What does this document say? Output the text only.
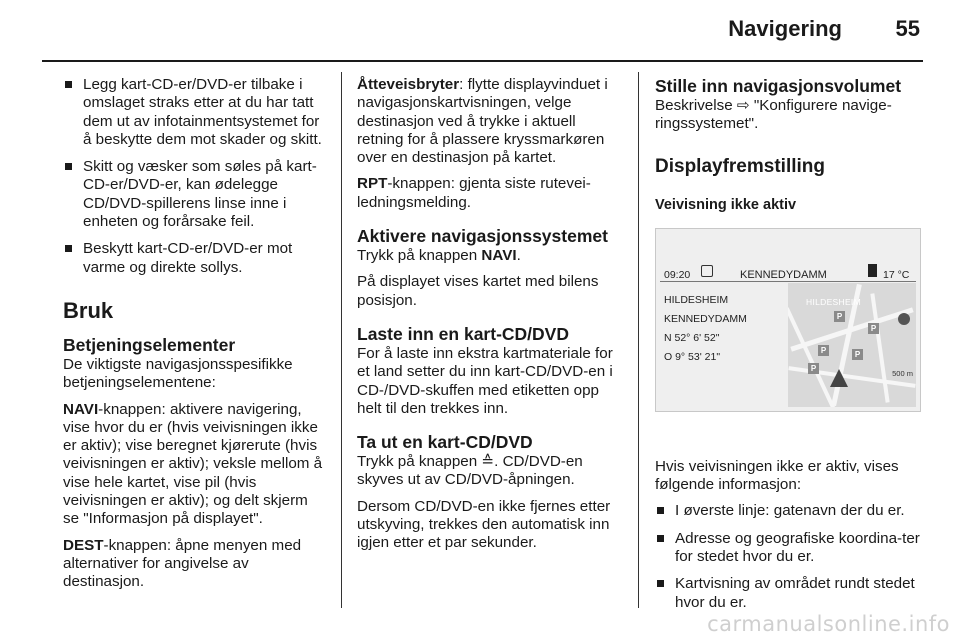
Navigering 55
Legg kart-CD-er/DVD-er tilbake i omslaget straks etter at du har tatt dem ut av infotainmentsystemet for å beskytte dem mot skader og skitt.
Skitt og væsker som søles på kart-CD-er/DVD-er, kan ødelegge CD/DVD-spillerens linse inne i enheten og forårsake feil.
Beskytt kart-CD-er/DVD-er mot varme og direkte sollys.
Bruk
Betjeningselementer

De viktigste navigasjonsspesifikke betjeningselementene:

NAVI-knappen: aktivere navigering, vise hvor du er (hvis veivisningen ikke er aktiv); vise beregnet kjørerute (hvis veivisningen er aktiv); veksle mellom å vise hele kartet, vise pil (hvis veivisningen er aktiv); og delt skjerm se "Informasjon på displayet".

DEST-knappen: åpne menyen med alternativer for angivelse av destinasjon.

Åtteveisbryter: flytte displayvinduet i navigasjonskartvisningen, velge destinasjon ved å trykke i aktuell retning for å plassere kryssmarkøren over en destinasjon på kartet.

RPT-knappen: gjenta siste rutevei-ledningsmelding.

Aktivere navigasjonssystemet

Trykk på knappen NAVI.

På displayet vises kartet med bilens posisjon.

Laste inn en kart-CD/DVD

For å laste inn ekstra kartmateriale for et land setter du inn kart-CD/DVD-en i CD-/DVD-skuffen med etiketten opp helt til den trekkes inn.

Ta ut en kart-CD/DVD

Trykk på knappen ≙. CD/DVD-en skyves ut av CD/DVD-åpningen.

Dersom CD/DVD-en ikke fjernes etter utskyving, trekkes den automatisk inn igjen etter et par sekunder.

Stille inn navigasjonsvolumet

Beskrivelse ⇨ "Konfigurere navige-ringssystemet".

Displayfremstilling
Veivisning ikke aktiv
09:20	KENNEDYDAMM	17 °C
HILDESHEIM
KENNEDYDAMM
N 52° 6' 52"
O 9° 53' 21"
HILDESHEIM
P
P
P	P
P
500 m

Hvis veivisningen ikke er aktiv, vises følgende informasjon:

I øverste linje: gatenavn der du er.
Adresse og geografiske koordina-ter for stedet hvor du er.
Kartvisning av området rundt stedet hvor du er.
carmanualsonline.info
